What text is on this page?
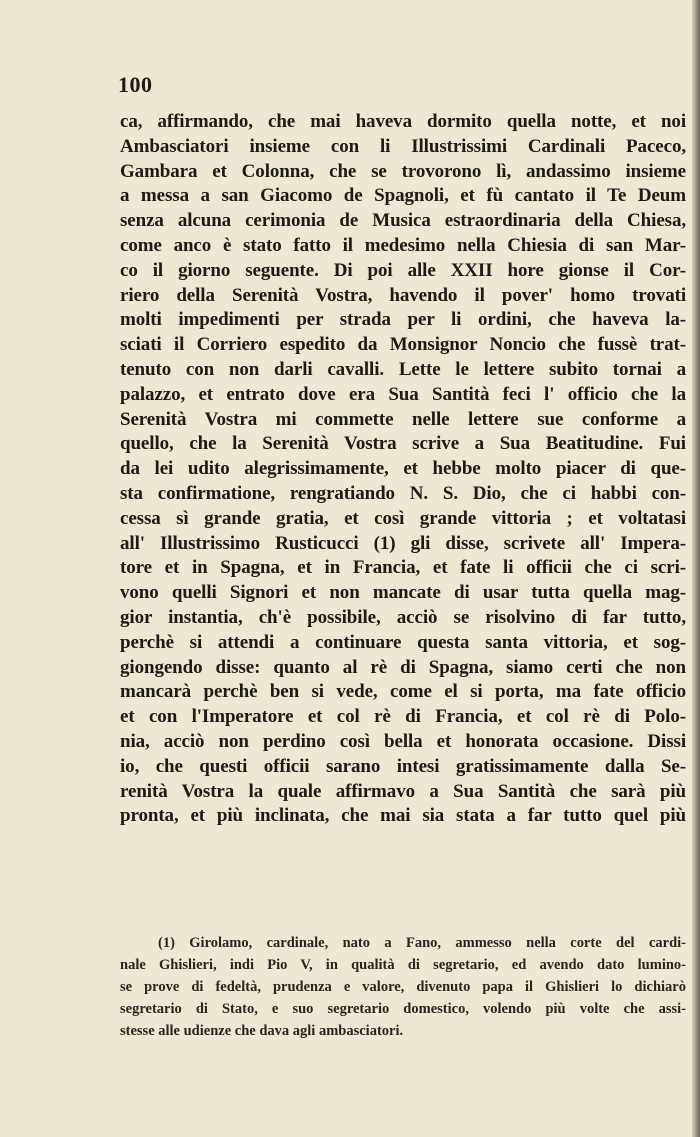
100
ca, affirmando, che mai haveva dormito quella notte, et noi
Ambasciatori insieme con li Illustrissimi Cardinali Paceco,
Gambara et Colonna, che se trovorono lì, andassimo insieme
a messa a san Giacomo de Spagnoli, et fù cantato il Te Deum
senza alcuna cerimonia de Musica estraordinaria della Chiesa,
come anco è stato fatto il medesimo nella Chiesia di san Mar-
co il giorno seguente. Di poi alle XXII hore gionse il Cor-
riero della Serenità Vostra, havendo il pover' homo trovati
molti impedimenti per strada per li ordini, che haveva la-
sciati il Corriero espedito da Monsignor Noncio che fussè trat-
tenuto con non darli cavalli. Lette le lettere subito tornai a
palazzo, et entrato dove era Sua Santità feci l' officio che la
Serenità Vostra mi commette nelle lettere sue conforme a
quello, che la Serenità Vostra scrive a Sua Beatitudine. Fui
da lei udito alegrissimamente, et hebbe molto piacer di que-
sta confirmatione, rengratiando N. S. Dio, che ci habbi con-
cessa sì grande gratia, et così grande vittoria ; et voltatasi
all' Illustrissimo Rusticucci (1) gli disse, scrivete all' Impera-
tore et in Spagna, et in Francia, et fate li officii che ci scri-
vono quelli Signori et non mancate di usar tutta quella mag-
gior instantia, ch'è possibile, acciò se risolvino di far tutto,
perchè si attendi a continuare questa santa vittoria, et sog-
giongendo disse: quanto al rè di Spagna, siamo certi che non
mancarà perchè ben si vede, come el si porta, ma fate officio
et con l'Imperatore et col rè di Francia, et col rè di Polo-
nia, acciò non perdino così bella et honorata occasione. Dissi
io, che questi officii sarano intesi gratissimamente dalla Se-
renità Vostra la quale affirmavo a Sua Santità che sarà più
pronta, et più inclinata, che mai sia stata a far tutto quel più
(1) Girolamo, cardinale, nato a Fano, ammesso nella corte del cardi-
nale Ghislieri, indi Pio V, in qualità di segretario, ed avendo dato lumino-
se prove di fedeltà, prudenza e valore, divenuto papa il Ghislieri lo dichiarò
segretario di Stato, e suo segretario domestico, volendo più volte che assi-
stesse alle udienze che dava agli ambasciatori.
